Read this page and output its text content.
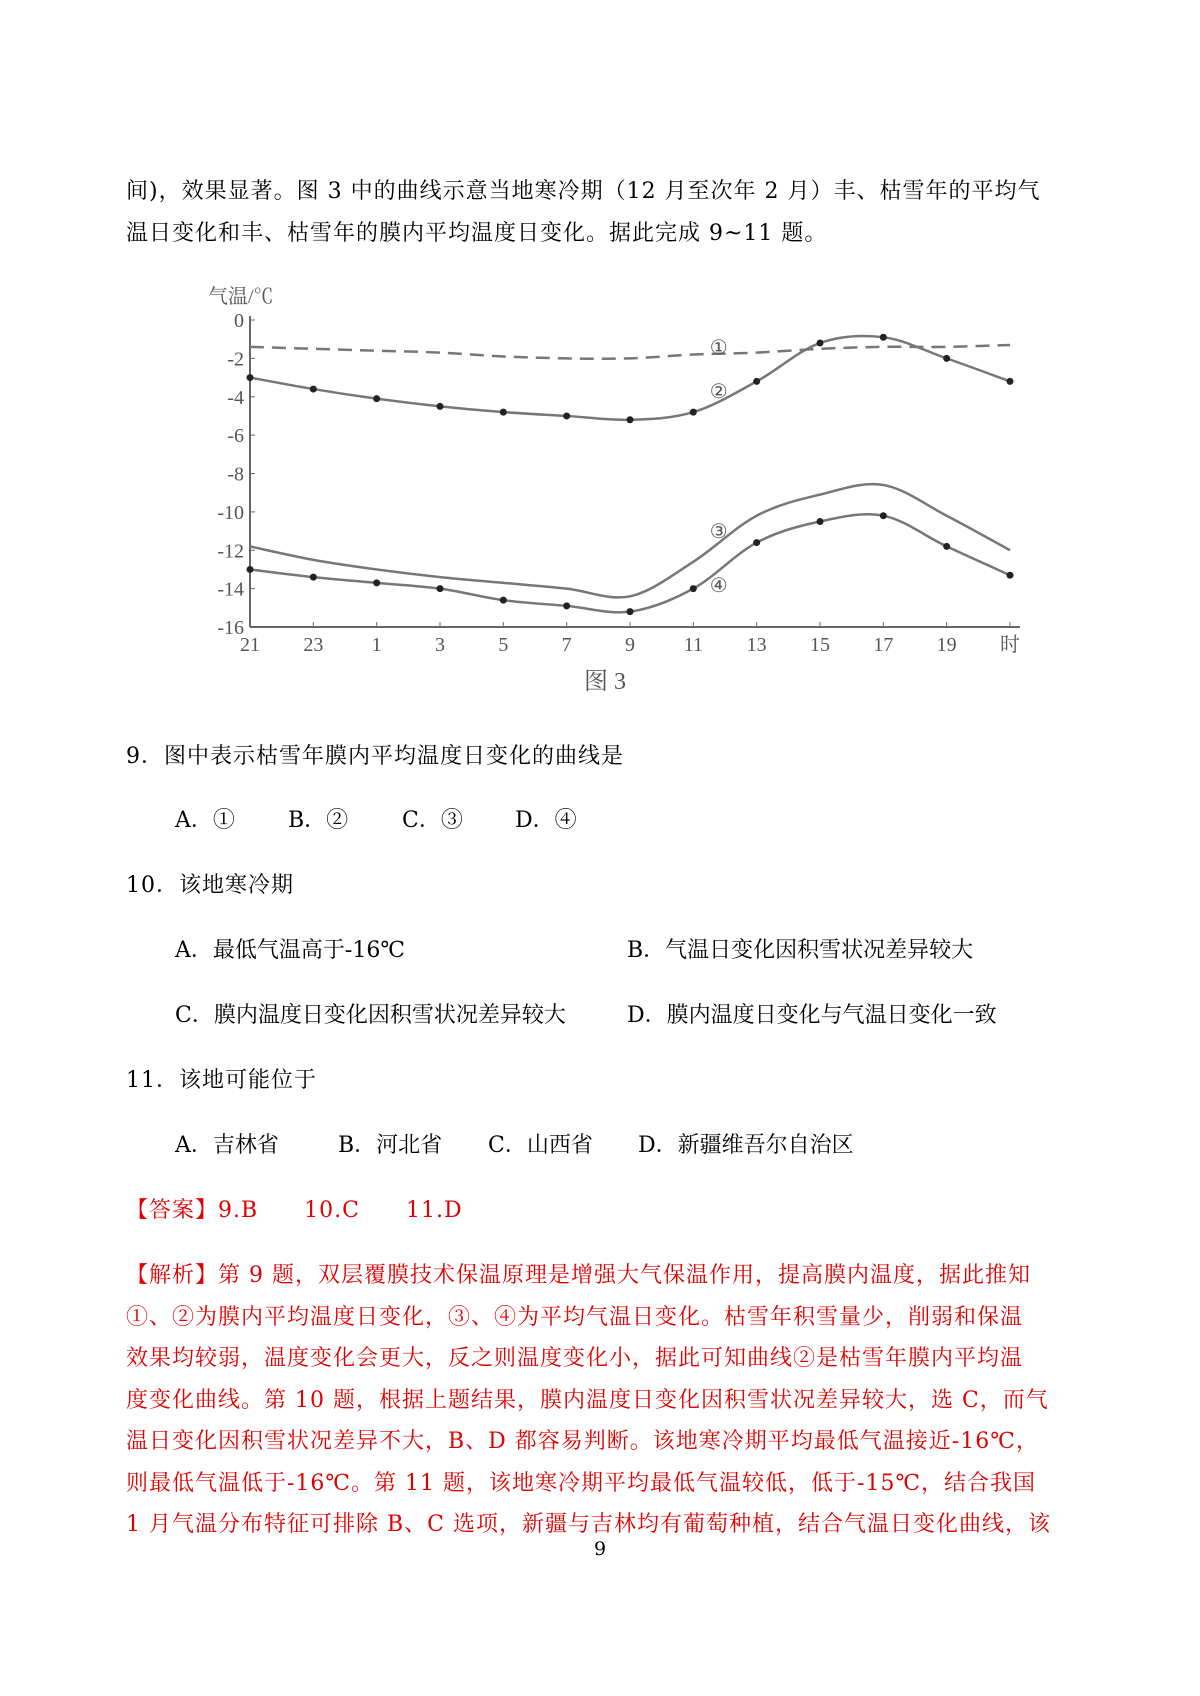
间)，效果显著。图 3 中的曲线示意当地寒冷期（12 月至次年 2 月）丰、枯雪年的平均气
温日变化和丰、枯雪年的膜内平均温度日变化。据此完成 9~11 题。
气温/℃
0
-2
-4
-6
-8
-10
-12
-14
-16
21 23 1	3	5	7	9 11 13 15 17 19 时
图 3
①
②
③
④
9．图中表示枯雪年膜内平均温度日变化的曲线是
A．① B．② C．③ D．④
10．该地寒冷期
A．最低气温高于-16℃	B．气温日变化因积雪状况差异较大
C．膜内温度日变化因积雪状况差异较大	D．膜内温度日变化与气温日变化一致
11．该地可能位于
A．吉林省	B．河北省 C．山西省 D．新疆维吾尔自治区
【答案】9.B　　10.C　　11.D
【解析】第 9 题，双层覆膜技术保温原理是增强大气保温作用，提高膜内温度，据此推知
①、②为膜内平均温度日变化，③、④为平均气温日变化。枯雪年积雪量少，削弱和保温
效果均较弱，温度变化会更大，反之则温度变化小，据此可知曲线②是枯雪年膜内平均温
度变化曲线。第 10 题，根据上题结果，膜内温度日变化因积雪状况差异较大，选 C，而气
温日变化因积雪状况差异不大，B、D 都容易判断。该地寒冷期平均最低气温接近-16℃，
则最低气温低于-16℃。第 11 题，该地寒冷期平均最低气温较低，低于-15℃，结合我国
1 月气温分布特征可排除 B、C 选项，新疆与吉林均有葡萄种植，结合气温日变化曲线，该
9
